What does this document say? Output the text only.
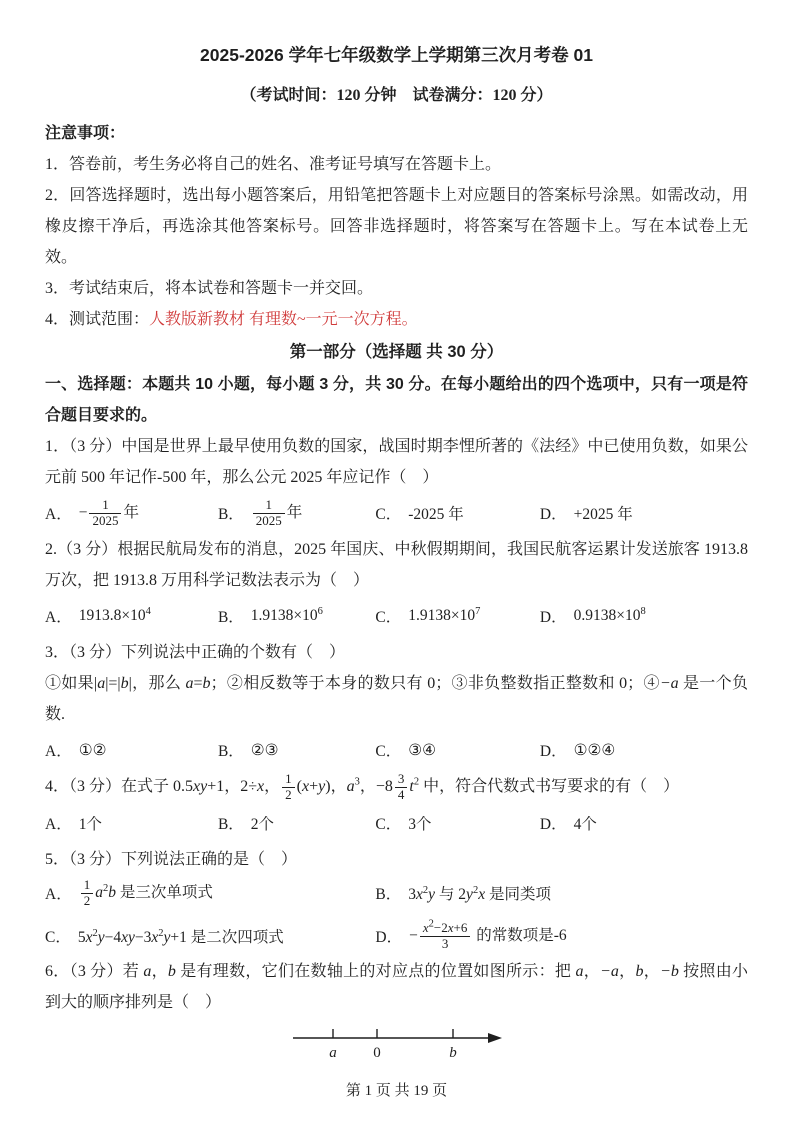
2025-2026 学年七年级数学上学期第三次月考卷 01
（考试时间：120 分钟　试卷满分：120 分）
注意事项：
1．答卷前，考生务必将自己的姓名、准考证号填写在答题卡上。
2．回答选择题时，选出每小题答案后，用铅笔把答题卡上对应题目的答案标号涂黑。如需改动，用橡皮擦干净后，再选涂其他答案标号。回答非选择题时，将答案写在答题卡上。写在本试卷上无效。
3．考试结束后，将本试卷和答题卡一并交回。
4．测试范围：人教版新教材 有理数~一元一次方程。
第一部分（选择题 共 30 分）
一、选择题：本题共 10 小题，每小题 3 分，共 30 分。在每小题给出的四个选项中，只有一项是符合题目要求的。
1．（3 分）中国是世界上最早使用负数的国家，战国时期李悝所著的《法经》中已使用负数，如果公元前 500 年记作-500 年，那么公元 2025 年应记作（　）
A． − $\frac{1}{2025}$ 年	B． $\frac{1}{2025}$ 年	C． -2025 年	D． +2025 年
2.（3 分）根据民航局发布的消息，2025 年国庆、中秋假期期间，我国民航客运累计发送旅客 1913.8 万次，把 1913.8 万用科学记数法表示为（　）
A． $1913.8\times 10^4$	B． $1.9138\times 10^6$	C． $1.9138\times 10^7$	D． $0.9138\times 10^8$
3．（3 分）下列说法中正确的个数有（　）
①如果|a|=|b|，那么 a=b；②相反数等于本身的数只有 0；③非负整数指正整数和 0；④−a 是一个负数.
A． ①②	B． ②③	C． ③④	D． ①②④
4．（3 分）在式子 0.5xy+1，2÷x， $\frac{1}{2} (x+y)$，$a^3$，$-8 \frac{3}{4} t^2$ 中，符合代数式书写要求的有（　）
A． 1个	B． 2个	C． 3个	D． 4个
5．（3 分）下列说法正确的是（　）
A． $\frac{1}{2} a^2b$ 是三次单项式	B． $3x^2y$ 与 $2y^2x$ 是同类项
C． $5x^2y-4xy-3x^2y+1$ 是二次四项式	D． − $\frac{x^2-2x+6}{3}$ 的常数项是-6
6．（3 分）若 a，b 是有理数，它们在数轴上的对应点的位置如图所示：把 a，−a，b，−b 按照由小到大的顺序排列是（　）
a 0	b
第 1 页 共 19 页
